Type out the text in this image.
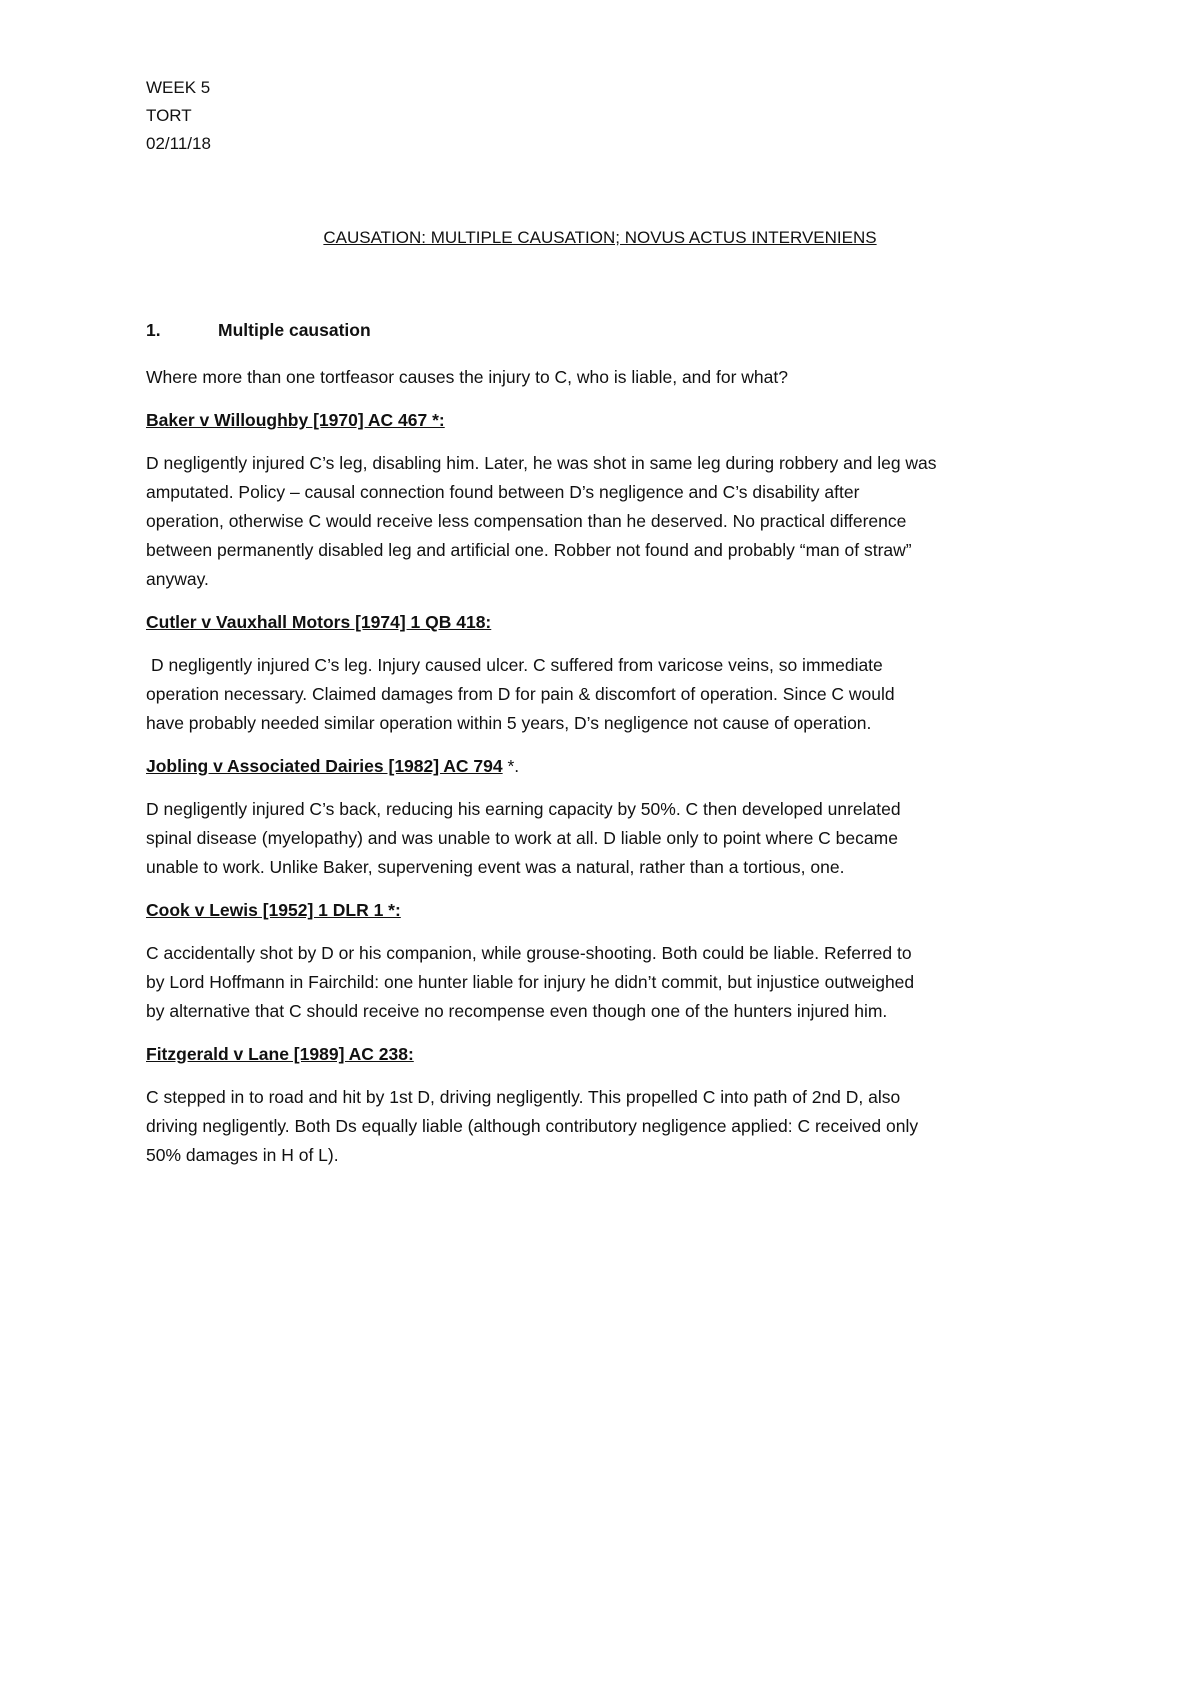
WEEK 5
TORT
02/11/18
CAUSATION: MULTIPLE CAUSATION; NOVUS ACTUS INTERVENIENS
1.	Multiple causation

Where more than one tortfeasor causes the injury to C, who is liable, and for what?

Baker v Willoughby [1970] AC 467 *:

D negligently injured C’s leg, disabling him. Later, he was shot in same leg during robbery and leg was
amputated. Policy – causal connection found between D’s negligence and C’s disability after
operation, otherwise C would receive less compensation than he deserved. No practical difference
between permanently disabled leg and artificial one. Robber not found and probably “man of straw”
anyway.

Cutler v Vauxhall Motors [1974] 1 QB 418:

D negligently injured C’s leg. Injury caused ulcer. C suffered from varicose veins, so immediate
operation necessary. Claimed damages from D for pain & discomfort of operation. Since C would
have probably needed similar operation within 5 years, D’s negligence not cause of operation.

Jobling v Associated Dairies [1982] AC 794 *.

D negligently injured C’s back, reducing his earning capacity by 50%. C then developed unrelated
spinal disease (myelopathy) and was unable to work at all. D liable only to point where C became
unable to work. Unlike Baker, supervening event was a natural, rather than a tortious, one.

Cook v Lewis [1952] 1 DLR 1 *:

C accidentally shot by D or his companion, while grouse-shooting. Both could be liable. Referred to
by Lord Hoffmann in Fairchild: one hunter liable for injury he didn’t commit, but injustice outweighed
by alternative that C should receive no recompense even though one of the hunters injured him.

Fitzgerald v Lane [1989] AC 238:

C stepped in to road and hit by 1st D, driving negligently. This propelled C into path of 2nd D, also
driving negligently. Both Ds equally liable (although contributory negligence applied: C received only
50% damages in H of L).
